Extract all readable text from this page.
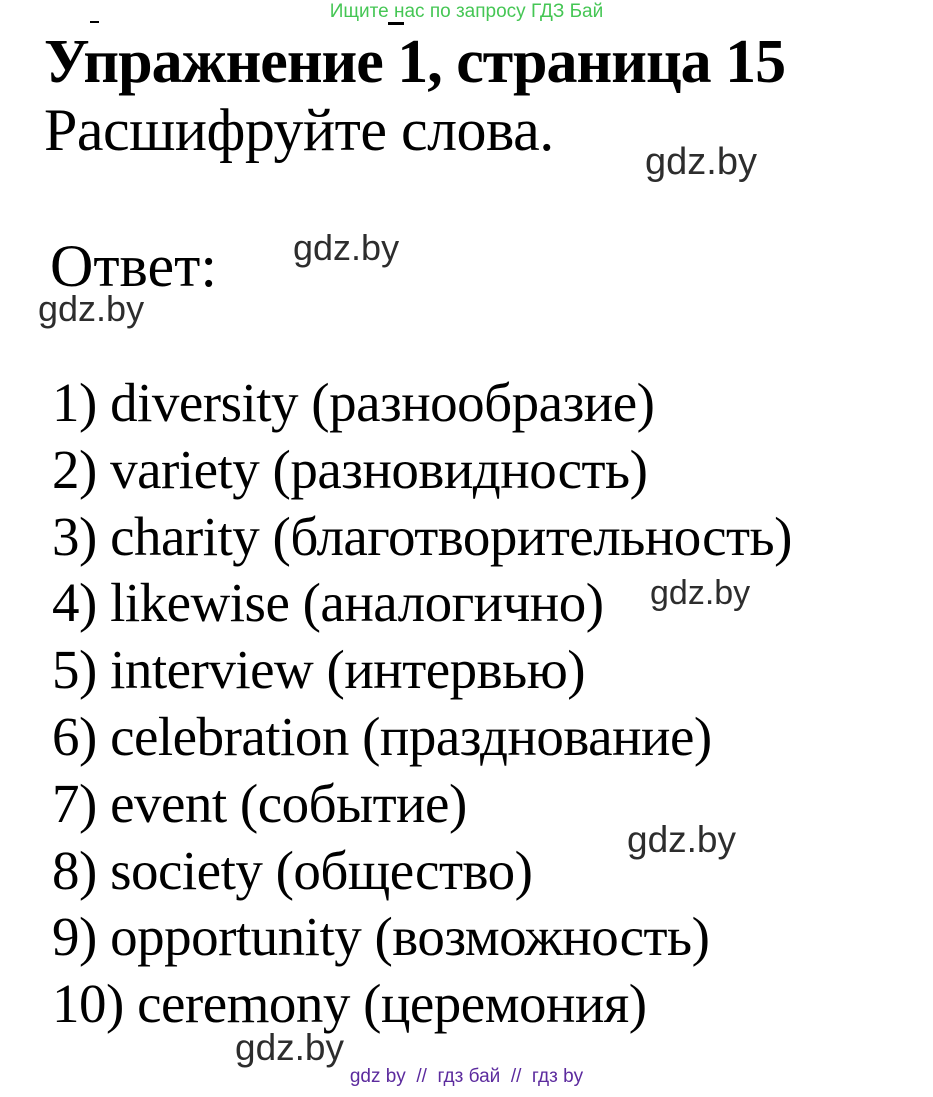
Ищите нас по запросу ГДЗ Бай
Упражнение 1, страница 15
Расшифруйте слова. gdz.by
gdz.by
gdz.by
Ответ:
1) diversity (разнообразие)
2) variety (разновидность)
3) charity (благотворительность)
4) likewise (аналогично)
5) interview (интервью)
6) celebration (празднование)
7) event (событие)
8) society (общество)
9) opportunity (возможность)
10) ceremony (церемония)
gdz.by
gdz.by
gdz.by
gdz by  //  гдз бай  //  гдз by
